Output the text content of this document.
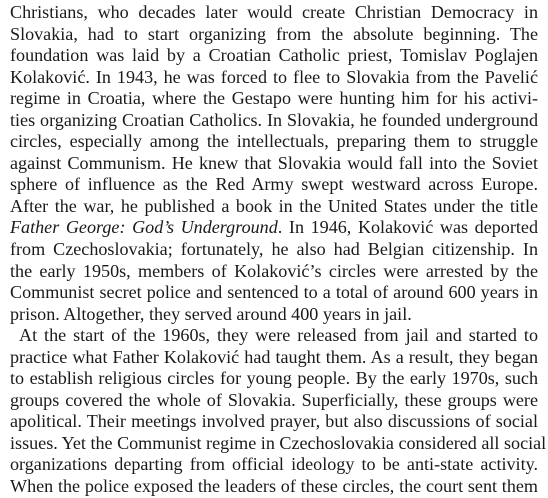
Christians, who decades later would create Christian Democracy in
Slovakia, had to start organizing from the absolute beginning. The
foundation was laid by a Croatian Catholic priest, Tomislav Poglajen
Kolaković. In 1943, he was forced to flee to Slovakia from the Pavelić
regime in Croatia, where the Gestapo were hunting him for his activi-
ties organizing Croatian Catholics. In Slovakia, he founded underground
circles, especially among the intellectuals, preparing them to struggle
against Communism. He knew that Slovakia would fall into the Soviet
sphere of influence as the Red Army swept westward across Europe.
After the war, he published a book in the United States under the title
Father George: God’s Underground. In 1946, Kolaković was deported
from Czechoslovakia; fortunately, he also had Belgian citizenship. In
the early 1950s, members of Kolaković’s circles were arrested by the
Communist secret police and sentenced to a total of around 600 years in
prison. Altogether, they served around 400 years in jail.
At the start of the 1960s, they were released from jail and started to
practice what Father Kolaković had taught them. As a result, they began
to establish religious circles for young people. By the early 1970s, such
groups covered the whole of Slovakia. Superficially, these groups were
apolitical. Their meetings involved prayer, but also discussions of social
issues. Yet the Communist regime in Czechoslovakia considered all social
organizations departing from official ideology to be anti-state activity.
When the police exposed the leaders of these circles, the court sent them
